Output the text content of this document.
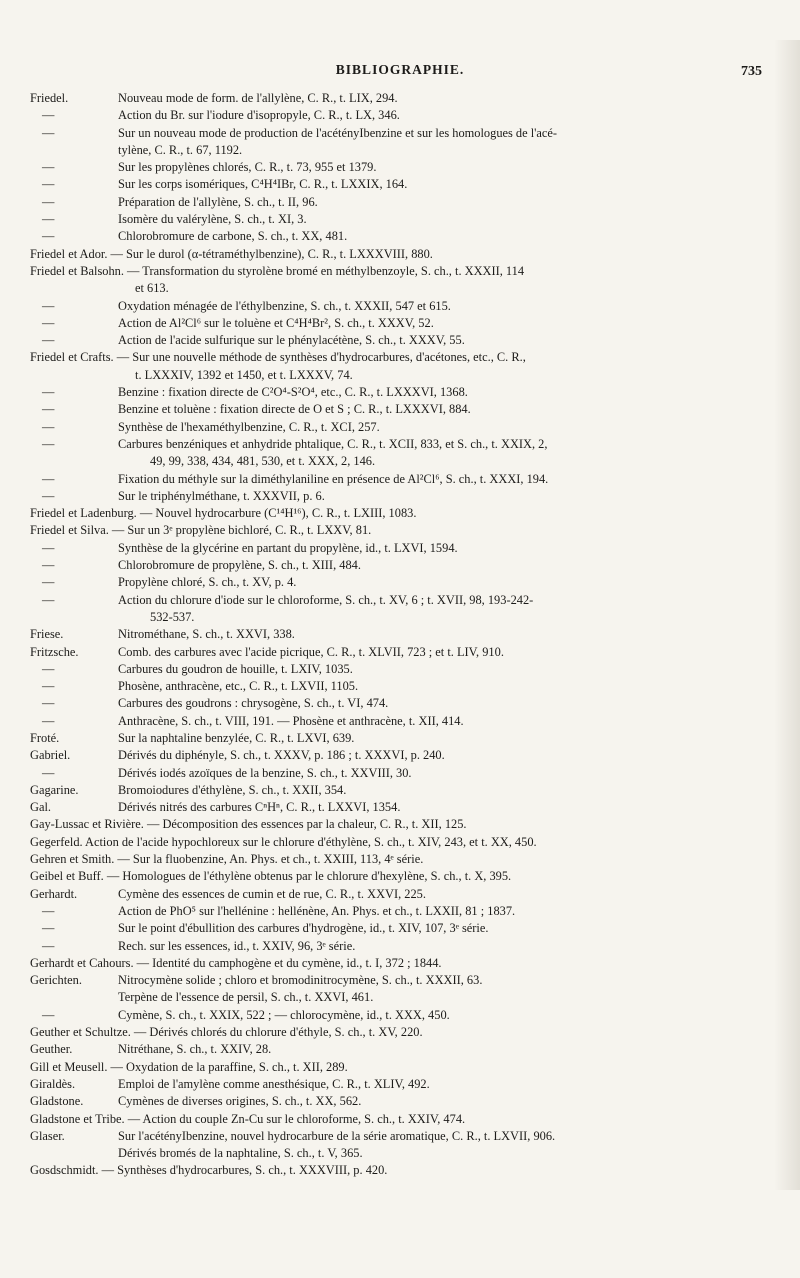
BIBLIOGRAPHIE.	735
Friedel.	Nouveau mode de form. de l'allylène, C. R., t. LIX, 294.
—	Action du Br. sur l'iodure d'isopropyle, C. R., t. LX, 346.
—	Sur un nouveau mode de production de l'acétényIbenzine et sur les homologues de l'acé-
tylène, C. R., t. 67, 1192.
—	Sur les propylènes chlorés, C. R., t. 73, 955 et 1379.
—	Sur les corps isomériques, C⁴H⁴IBr, C. R., t. LXXIX, 164.
—	Préparation de l'allylène, S. ch., t. II, 96.
—	Isomère du valérylène, S. ch., t. XI, 3.
—	Chlorobromure de carbone, S. ch., t. XX, 481.
Friedel et Ador. — Sur le durol (α-tétraméthylbenzine), C. R., t. LXXXVIII, 880.
Friedel et Balsohn. — Transformation du styrolène bromé en méthylbenzoyle, S. ch., t. XXXII, 114
et 613.
—	Oxydation ménagée de l'éthylbenzine, S. ch., t. XXXII, 547 et 615.
—	Action de Al²Cl⁶ sur le toluène et C⁴H⁴Br², S. ch., t. XXXV, 52.
—	Action de l'acide sulfurique sur le phénylacétène, S. ch., t. XXXV, 55.
Friedel et Crafts. — Sur une nouvelle méthode de synthèses d'hydrocarbures, d'acétones, etc., C. R.,
t. LXXXIV, 1392 et 1450, et t. LXXXV, 74.
—	Benzine : fixation directe de C²O⁴-S²O⁴, etc., C. R., t. LXXXVI, 1368.
—	Benzine et toluène : fixation directe de O et S ; C. R., t. LXXXVI, 884.
—	Synthèse de l'hexaméthylbenzine, C. R., t. XCI, 257.
—	Carbures benzéniques et anhydride phtalique, C. R., t. XCII, 833, et S. ch., t. XXIX, 2,
49, 99, 338, 434, 481, 530, et t. XXX, 2, 146.
—	Fixation du méthyle sur la diméthylaniline en présence de Al²Cl⁶, S. ch., t. XXXI, 194.
—	Sur le triphénylméthane, t. XXXVII, p. 6.
Friedel et Ladenburg. — Nouvel hydrocarbure (C¹⁴H¹⁶), C. R., t. LXIII, 1083.
Friedel et Silva. — Sur un 3ᵉ propylène bichloré, C. R., t. LXXV, 81.
—	Synthèse de la glycérine en partant du propylène, id., t. LXVI, 1594.
—	Chlorobromure de propylène, S. ch., t. XIII, 484.
—	Propylène chloré, S. ch., t. XV, p. 4.
—	Action du chlorure d'iode sur le chloroforme, S. ch., t. XV, 6 ; t. XVII, 98, 193-242-
532-537.
Friese.	Nitrométhane, S. ch., t. XXVI, 338.
Fritzsche.	Comb. des carbures avec l'acide picrique, C. R., t. XLVII, 723 ; et t. LIV, 910.
—	Carbures du goudron de houille, t. LXIV, 1035.
—	Phosène, anthracène, etc., C. R., t. LXVII, 1105.
—	Carbures des goudrons : chrysogène, S. ch., t. VI, 474.
—	Anthracène, S. ch., t. VIII, 191. — Phosène et anthracène, t. XII, 414.
Froté.	Sur la naphtaline benzylée, C. R., t. LXVI, 639.
Gabriel.	Dérivés du diphényle, S. ch., t. XXXV, p. 186 ; t. XXXVI, p. 240.
—	Dérivés iodés azoïques de la benzine, S. ch., t. XXVIII, 30.
Gagarine.	Bromoiodures d'éthylène, S. ch., t. XXII, 354.
Gal.	Dérivés nitrés des carbures CⁿHⁿ, C. R., t. LXXVI, 1354.
Gay-Lussac et Rivière. — Décomposition des essences par la chaleur, C. R., t. XII, 125.
Gegerfeld. Action de l'acide hypochloreux sur le chlorure d'éthylène, S. ch., t. XIV, 243, et t. XX, 450.
Gehren et Smith. — Sur la fluobenzine, An. Phys. et ch., t. XXIII, 113, 4ᵉ série.
Geibel et Buff. — Homologues de l'éthylène obtenus par le chlorure d'hexylène, S. ch., t. X, 395.
Gerhardt.	Cymène des essences de cumin et de rue, C. R., t. XXVI, 225.
—	Action de PhO⁵ sur l'hellénine : hellénène, An. Phys. et ch., t. LXXII, 81 ; 1837.
—	Sur le point d'ébullition des carbures d'hydrogène, id., t. XIV, 107, 3ᵉ série.
—	Rech. sur les essences, id., t. XXIV, 96, 3ᵉ série.
Gerhardt et Cahours. — Identité du camphogène et du cymène, id., t. I, 372 ; 1844.
Gerichten.	Nitrocymène solide ; chloro et bromodinitrocymène, S. ch., t. XXXII, 63.
Terpène de l'essence de persil, S. ch., t. XXVI, 461.
—	Cymène, S. ch., t. XXIX, 522 ; — chlorocymène, id., t. XXX, 450.
Geuther et Schultze. — Dérivés chlorés du chlorure d'éthyle, S. ch., t. XV, 220.
Geuther.	Nitréthane, S. ch., t. XXIV, 28.
Gill et Meusell. — Oxydation de la paraffine, S. ch., t. XII, 289.
Giraldès.	Emploi de l'amylène comme anesthésique, C. R., t. XLIV, 492.
Gladstone.	Cymènes de diverses origines, S. ch., t. XX, 562.
Gladstone et Tribe. — Action du couple Zn-Cu sur le chloroforme, S. ch., t. XXIV, 474.
Glaser.	Sur l'acétényIbenzine, nouvel hydrocarbure de la série aromatique, C. R., t. LXVII, 906.
Dérivés bromés de la naphtaline, S. ch., t. V, 365.
Gosdschmidt. — Synthèses d'hydrocarbures, S. ch., t. XXXVIII, p. 420.
